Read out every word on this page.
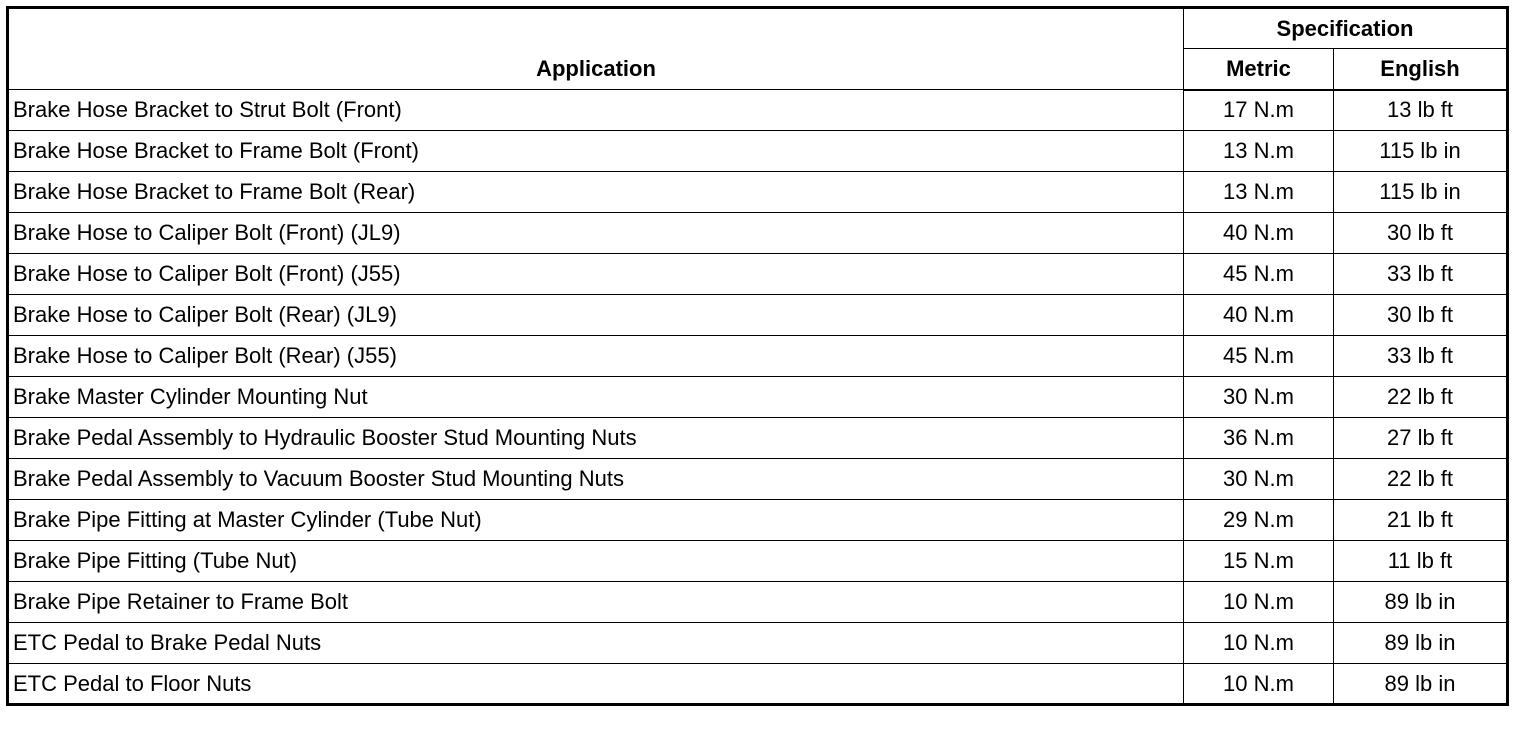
Application	Specification	
	Metric	English
Brake Hose Bracket to Strut Bolt (Front)	17 N.m	13 lb ft
Brake Hose Bracket to Frame Bolt (Front)	13 N.m	115 lb in
Brake Hose Bracket to Frame Bolt (Rear)	13 N.m	115 lb in
Brake Hose to Caliper Bolt (Front) (JL9)	40 N.m	30 lb ft
Brake Hose to Caliper Bolt (Front) (J55)	45 N.m	33 lb ft
Brake Hose to Caliper Bolt (Rear) (JL9)	40 N.m	30 lb ft
Brake Hose to Caliper Bolt (Rear) (J55)	45 N.m	33 lb ft
Brake Master Cylinder Mounting Nut	30 N.m	22 lb ft
Brake Pedal Assembly to Hydraulic Booster Stud Mounting Nuts	36 N.m	27 lb ft
Brake Pedal Assembly to Vacuum Booster Stud Mounting Nuts	30 N.m	22 lb ft
Brake Pipe Fitting at Master Cylinder (Tube Nut)	29 N.m	21 lb ft
Brake Pipe Fitting (Tube Nut)	15 N.m	11 lb ft
Brake Pipe Retainer to Frame Bolt	10 N.m	89 lb in
ETC Pedal to Brake Pedal Nuts	10 N.m	89 lb in
ETC Pedal to Floor Nuts	10 N.m	89 lb in
